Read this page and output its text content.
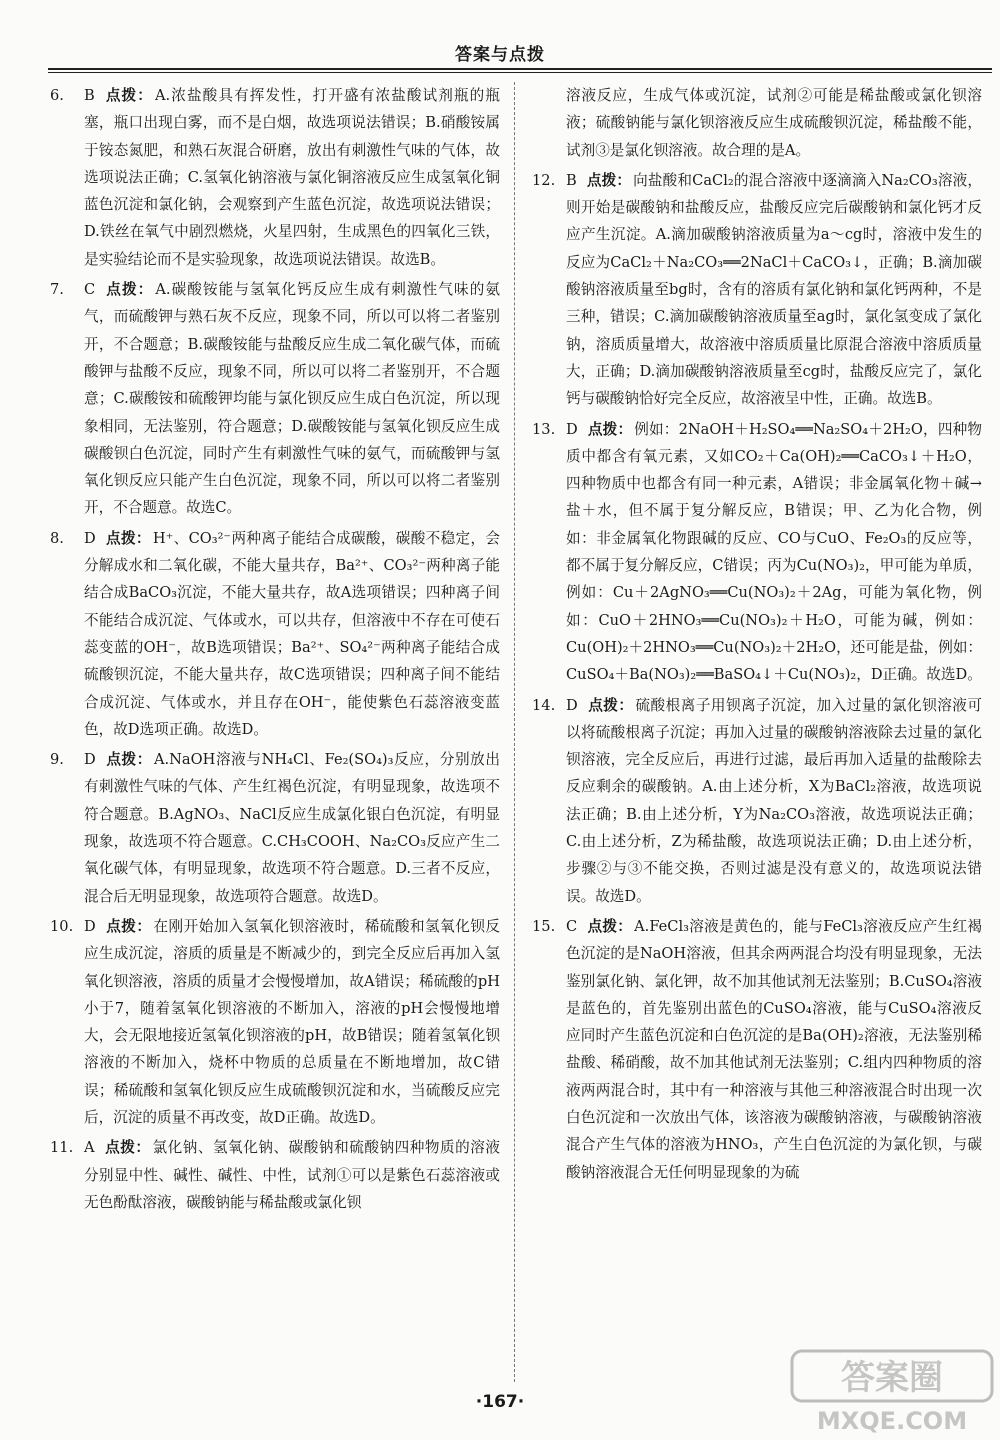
答案与点拨
6. B 点拨： A.浓盐酸具有挥发性，打开盛有浓盐酸试剂瓶的瓶塞，瓶口出现白雾，而不是白烟，故选项说法错误；B.硝酸铵属于铵态氮肥，和熟石灰混合研磨，放出有刺激性气味的气体，故选项说法正确；C.氢氧化钠溶液与氯化铜溶液反应生成氢氧化铜蓝色沉淀和氯化钠，会观察到产生蓝色沉淀，故选项说法错误；D.铁丝在氧气中剧烈燃烧，火星四射，生成黑色的四氧化三铁，是实验结论而不是实验现象，故选项说法错误。故选B。
7. C 点拨： A.碳酸铵能与氢氧化钙反应生成有刺激性气味的氨气，而硫酸钾与熟石灰不反应，现象不同，所以可以将二者鉴别开，不合题意；B.碳酸铵能与盐酸反应生成二氧化碳气体，而硫酸钾与盐酸不反应，现象不同，所以可以将二者鉴别开，不合题意；C.碳酸铵和硫酸钾均能与氯化钡反应生成白色沉淀，所以现象相同，无法鉴别，符合题意；D.碳酸铵能与氢氧化钡反应生成碳酸钡白色沉淀，同时产生有刺激性气味的氨气，而硫酸钾与氢氧化钡反应只能产生白色沉淀，现象不同，所以可以将二者鉴别开，不合题意。故选C。
8. D 点拨： H⁺、CO₃²⁻两种离子能结合成碳酸，碳酸不稳定，会分解成水和二氧化碳，不能大量共存，Ba²⁺、CO₃²⁻两种离子能结合成BaCO₃沉淀，不能大量共存，故A选项错误；四种离子间不能结合成沉淀、气体或水，可以共存，但溶液中不存在可使石蕊变蓝的OH⁻，故B选项错误；Ba²⁺、SO₄²⁻两种离子能结合成硫酸钡沉淀，不能大量共存，故C选项错误；四种离子间不能结合成沉淀、气体或水，并且存在OH⁻，能使紫色石蕊溶液变蓝色，故D选项正确。故选D。
9. D 点拨： A.NaOH溶液与NH₄Cl、Fe₂(SO₄)₃反应，分别放出有刺激性气味的气体、产生红褐色沉淀，有明显现象，故选项不符合题意。B.AgNO₃、NaCl反应生成氯化银白色沉淀，有明显现象，故选项不符合题意。C.CH₃COOH、Na₂CO₃反应产生二氧化碳气体，有明显现象，故选项不符合题意。D.三者不反应，混合后无明显现象，故选项符合题意。故选D。
10. D 点拨： 在刚开始加入氢氧化钡溶液时，稀硫酸和氢氧化钡反应生成沉淀，溶质的质量是不断减少的，到完全反应后再加入氢氧化钡溶液，溶质的质量才会慢慢增加，故A错误；稀硫酸的pH小于7，随着氢氧化钡溶液的不断加入，溶液的pH会慢慢地增大，会无限地接近氢氧化钡溶液的pH，故B错误；随着氢氧化钡溶液的不断加入，烧杯中物质的总质量在不断地增加，故C错误；稀硫酸和氢氧化钡反应生成硫酸钡沉淀和水，当硫酸反应完后，沉淀的质量不再改变，故D正确。故选D。
11. A 点拨： 氯化钠、氢氧化钠、碳酸钠和硫酸钠四种物质的溶液分别显中性、碱性、碱性、中性，试剂①可以是紫色石蕊溶液或无色酚酞溶液，碳酸钠能与稀盐酸或氯化钡
溶液反应，生成气体或沉淀，试剂②可能是稀盐酸或氯化钡溶液；硫酸钠能与氯化钡溶液反应生成硫酸钡沉淀，稀盐酸不能，试剂③是氯化钡溶液。故合理的是A。
12. B 点拨： 向盐酸和CaCl₂的混合溶液中逐滴滴入Na₂CO₃溶液，则开始是碳酸钠和盐酸反应，盐酸反应完后碳酸钠和氯化钙才反应产生沉淀。A.滴加碳酸钠溶液质量为a～cg时，溶液中发生的反应为CaCl₂＋Na₂CO₃══2NaCl＋CaCO₃↓，正确；B.滴加碳酸钠溶液质量至bg时，含有的溶质有氯化钠和氯化钙两种，不是三种，错误；C.滴加碳酸钠溶液质量至ag时，氯化氢变成了氯化钠，溶质质量增大，故溶液中溶质质量比原混合溶液中溶质质量大，正确；D.滴加碳酸钠溶液质量至cg时，盐酸反应完了，氯化钙与碳酸钠恰好完全反应，故溶液呈中性，正确。故选B。
13. D 点拨： 例如：2NaOH＋H₂SO₄══Na₂SO₄＋2H₂O，四种物质中都含有氧元素，又如CO₂＋Ca(OH)₂══CaCO₃↓＋H₂O，四种物质中也都含有同一种元素，A错误；非金属氧化物＋碱→盐＋水，但不属于复分解反应，B错误；甲、乙为化合物，例如：非金属氧化物跟碱的反应、CO与CuO、Fe₂O₃的反应等，都不属于复分解反应，C错误；丙为Cu(NO₃)₂，甲可能为单质，例如：Cu＋2AgNO₃══Cu(NO₃)₂＋2Ag，可能为氧化物，例如：CuO＋2HNO₃══Cu(NO₃)₂＋H₂O，可能为碱，例如：Cu(OH)₂＋2HNO₃══Cu(NO₃)₂＋2H₂O，还可能是盐，例如：CuSO₄＋Ba(NO₃)₂══BaSO₄↓＋Cu(NO₃)₂，D正确。故选D。
14. D 点拨： 硫酸根离子用钡离子沉淀，加入过量的氯化钡溶液可以将硫酸根离子沉淀；再加入过量的碳酸钠溶液除去过量的氯化钡溶液，完全反应后，再进行过滤，最后再加入适量的盐酸除去反应剩余的碳酸钠。A.由上述分析，X为BaCl₂溶液，故选项说法正确；B.由上述分析，Y为Na₂CO₃溶液，故选项说法正确；C.由上述分析，Z为稀盐酸，故选项说法正确；D.由上述分析，步骤②与③不能交换，否则过滤是没有意义的，故选项说法错误。故选D。
15. C 点拨： A.FeCl₃溶液是黄色的，能与FeCl₃溶液反应产生红褐色沉淀的是NaOH溶液，但其余两两混合均没有明显现象，无法鉴别氯化钠、氯化钾，故不加其他试剂无法鉴别；B.CuSO₄溶液是蓝色的，首先鉴别出蓝色的CuSO₄溶液，能与CuSO₄溶液反应同时产生蓝色沉淀和白色沉淀的是Ba(OH)₂溶液，无法鉴别稀盐酸、稀硝酸，故不加其他试剂无法鉴别；C.组内四种物质的溶液两两混合时，其中有一种溶液与其他三种溶液混合时出现一次白色沉淀和一次放出气体，该溶液为碳酸钠溶液，与碳酸钠溶液混合产生气体的溶液为HNO₃，产生白色沉淀的为氯化钡，与碳酸钠溶液混合无任何明显现象的为硫
·167·
答案圈
MXQE.COM
